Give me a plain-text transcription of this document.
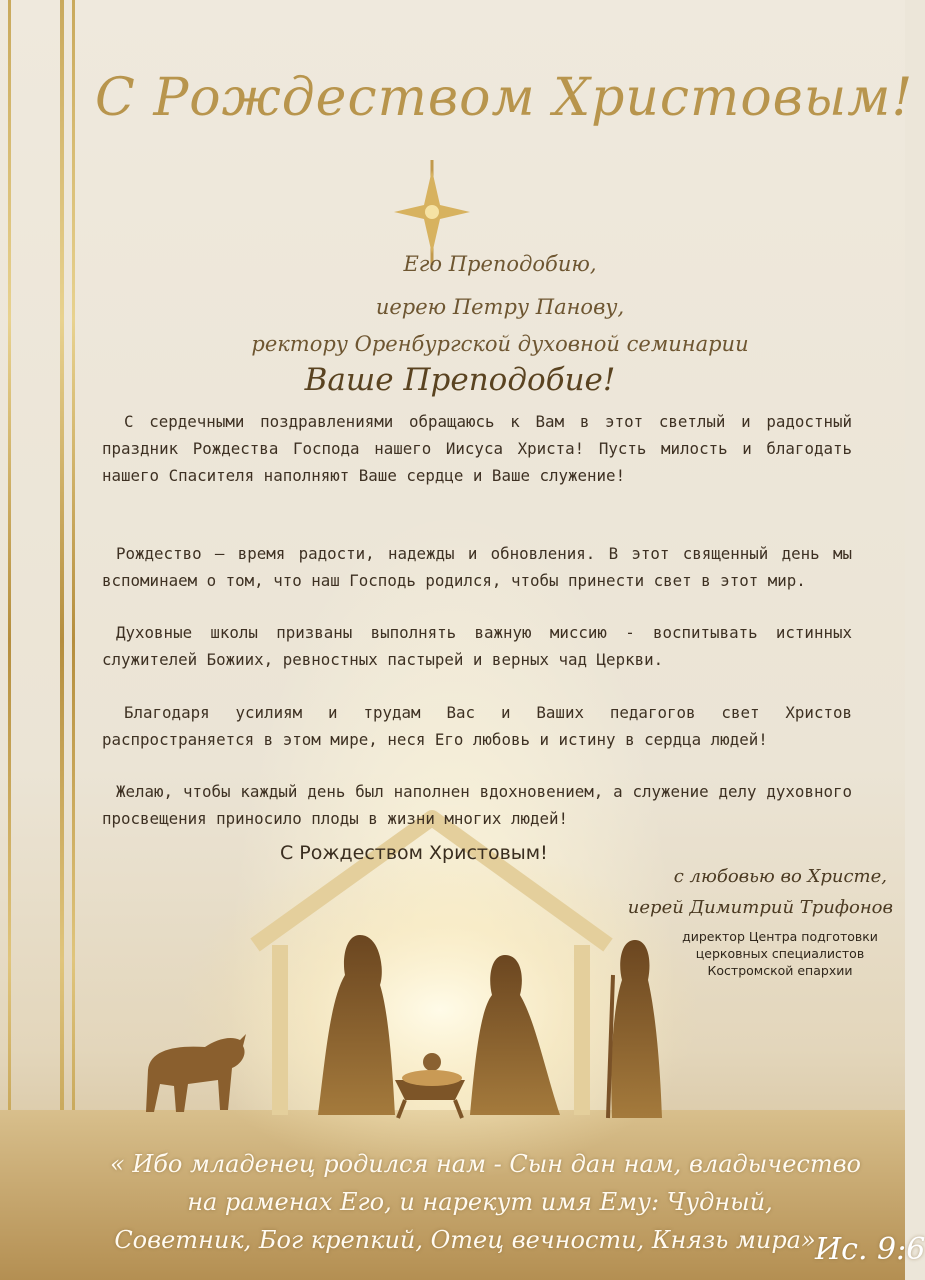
С Рождеством Христовым!
Его Преподобию,
иерею Петру Панову,
ректору Оренбургской духовной семинарии
Ваше Преподобие!
С сердечными поздравлениями обращаюсь к Вам в этот светлый и радостный праздник Рождества Господа нашего Иисуса Христа! Пусть милость и благодать нашего Спасителя наполняют Ваше сердце и Ваше служение!
Рождество — время радости, надежды и обновления. В этот священный день мы вспоминаем о том, что наш Господь родился, чтобы принести свет в этот мир.
Духовные школы призваны выполнять важную миссию - воспитывать истинных служителей Божиих, ревностных пастырей и верных чад Церкви.
Благодаря усилиям и трудам Вас и Ваших педагогов свет Христов распространяется в этом мире, неся Его любовь и истину в сердца людей!
Желаю, чтобы каждый день был наполнен вдохновением, а служение делу духовного просвещения приносило плоды в жизни многих людей!
С Рождеством Христовым!
с любовью во Христе,
иерей Димитрий Трифонов
директор Центра подготовки
церковных специалистов
Костромской епархии
« Ибо младенец родился нам - Сын дан нам, владычество
на раменах Его, и нарекут имя Ему: Чудный,
Советник, Бог крепкий, Отец вечности, Князь мира» Ис. 9:6
